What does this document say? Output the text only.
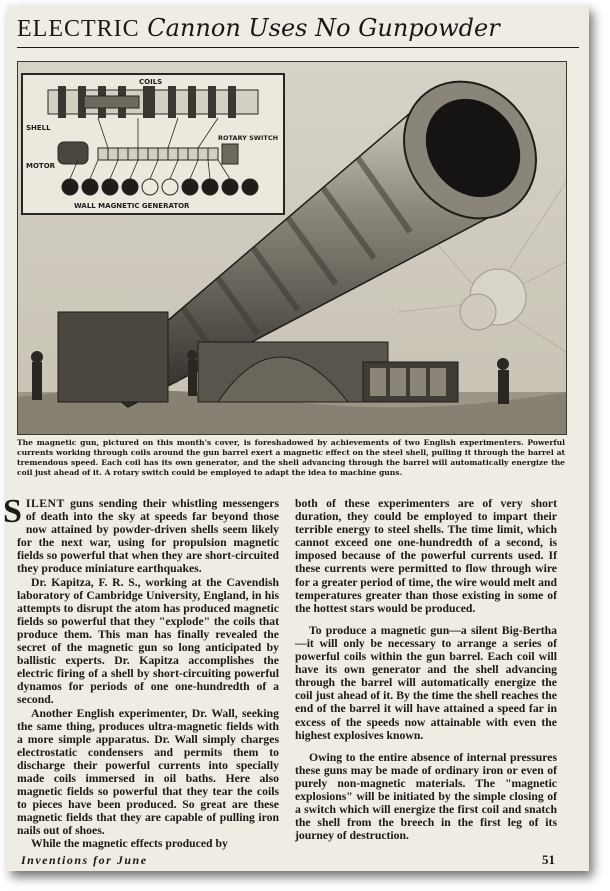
ELECTRIC Cannon Uses No Gunpowder
COILS
SHELL
ROTARY SWITCH
MOTOR
WALL MAGNETIC GENERATOR
The magnetic gun, pictured on this month's cover, is foreshadowed by achievements of two English experimenters. Powerful currents working through coils around the gun barrel exert a magnetic effect on the steel shell, pulling it through the barrel at tremendous speed. Each coil has its own generator, and the shell advancing through the barrel will automatically energize the coil just ahead of it. A rotary switch could be employed to adapt the idea to machine guns.

SILENT guns sending their whistling messengers of death into the sky at speeds far beyond those now attained by powder-driven shells seem likely for the next war, using for propulsion magnetic fields so powerful that when they are short-circuited they produce miniature earthquakes.

Dr. Kapitza, F. R. S., working at the Cavendish laboratory of Cambridge University, England, in his attempts to disrupt the atom has produced magnetic fields so powerful that they "explode" the coils that produce them. This man has finally revealed the secret of the magnetic gun so long anticipated by ballistic experts. Dr. Kapitza accomplishes the electric firing of a shell by short-circuiting powerful dynamos for periods of one one-hundredth of a second.

Another English experimenter, Dr. Wall, seeking the same thing, produces ultra-magnetic fields with a more simple apparatus. Dr. Wall simply charges electrostatic condensers and permits them to discharge their powerful currents into specially made coils immersed in oil baths. Here also magnetic fields so powerful that they tear the coils to pieces have been produced. So great are these magnetic fields that they are capable of pulling iron nails out of shoes.

While the magnetic effects produced by

both of these experimenters are of very short duration, they could be employed to impart their terrible energy to steel shells. The time limit, which cannot exceed one one-hundredth of a second, is imposed because of the powerful currents used. If these currents were permitted to flow through wire for a greater period of time, the wire would melt and temperatures greater than those existing in some of the hottest stars would be produced.

To produce a magnetic gun—a silent Big-Bertha—it will only be necessary to arrange a series of powerful coils within the gun barrel. Each coil will have its own generator and the shell advancing through the barrel will automatically energize the coil just ahead of it. By the time the shell reaches the end of the barrel it will have attained a speed far in excess of the speeds now attainable with even the highest explosives known.

Owing to the entire absence of internal pressures these guns may be made of ordinary iron or even of purely non-magnetic materials. The "magnetic explosions" will be initiated by the simple closing of a switch which will energize the first coil and snatch the shell from the breech in the first leg of its journey of destruction.

Inventions for June	51
